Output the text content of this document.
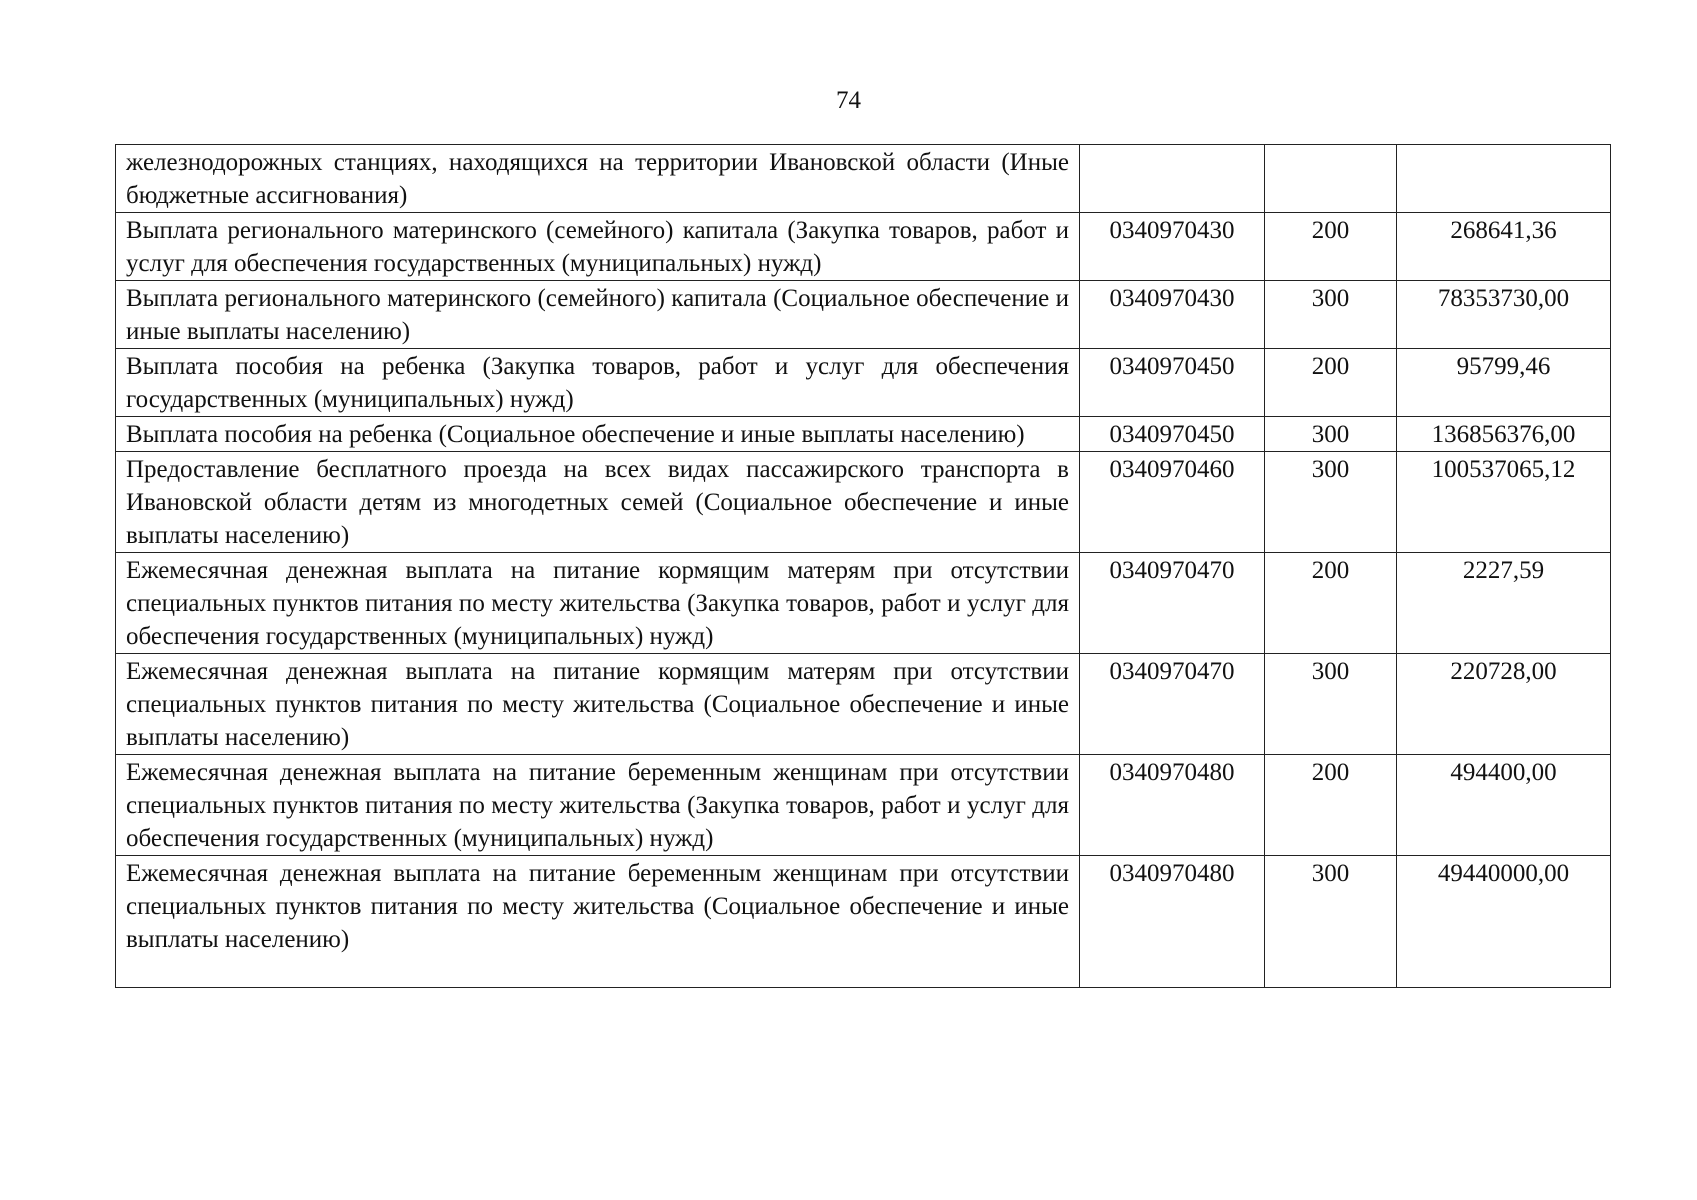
74
железнодорожных станциях, находящихся на территории Ивановской области (Иные бюджетные ассигнования)			
Выплата регионального материнского (семейного) капитала (Закупка товаров, работ и услуг для обеспечения государственных (муниципальных) нужд)	0340970430	200	268641,36
Выплата регионального материнского (семейного) капитала (Социальное обеспечение и иные выплаты населению)	0340970430	300	78353730,00
Выплата пособия на ребенка (Закупка товаров, работ и услуг для обеспечения государственных (муниципальных) нужд)	0340970450	200	95799,46
Выплата пособия на ребенка (Социальное обеспечение и иные выплаты населению)	0340970450	300	136856376,00
Предоставление бесплатного проезда на всех видах пассажирского транспорта в Ивановской области детям из многодетных семей (Социальное обеспечение и иные выплаты населению)	0340970460	300	100537065,12
Ежемесячная денежная выплата на питание кормящим матерям при отсутствии специальных пунктов питания по месту жительства (Закупка товаров, работ и услуг для обеспечения государственных (муниципальных) нужд)	0340970470	200	2227,59
Ежемесячная денежная выплата на питание кормящим матерям при отсутствии специальных пунктов питания по месту жительства (Социальное обеспечение и иные выплаты населению)	0340970470	300	220728,00
Ежемесячная денежная выплата на питание беременным женщинам при отсутствии специальных пунктов питания по месту жительства (Закупка товаров, работ и услуг для обеспечения государственных (муниципальных) нужд)	0340970480	200	494400,00
Ежемесячная денежная выплата на питание беременным женщинам при отсутствии специальных пунктов питания по месту жительства (Социальное обеспечение и иные выплаты населению)	0340970480	300	49440000,00
